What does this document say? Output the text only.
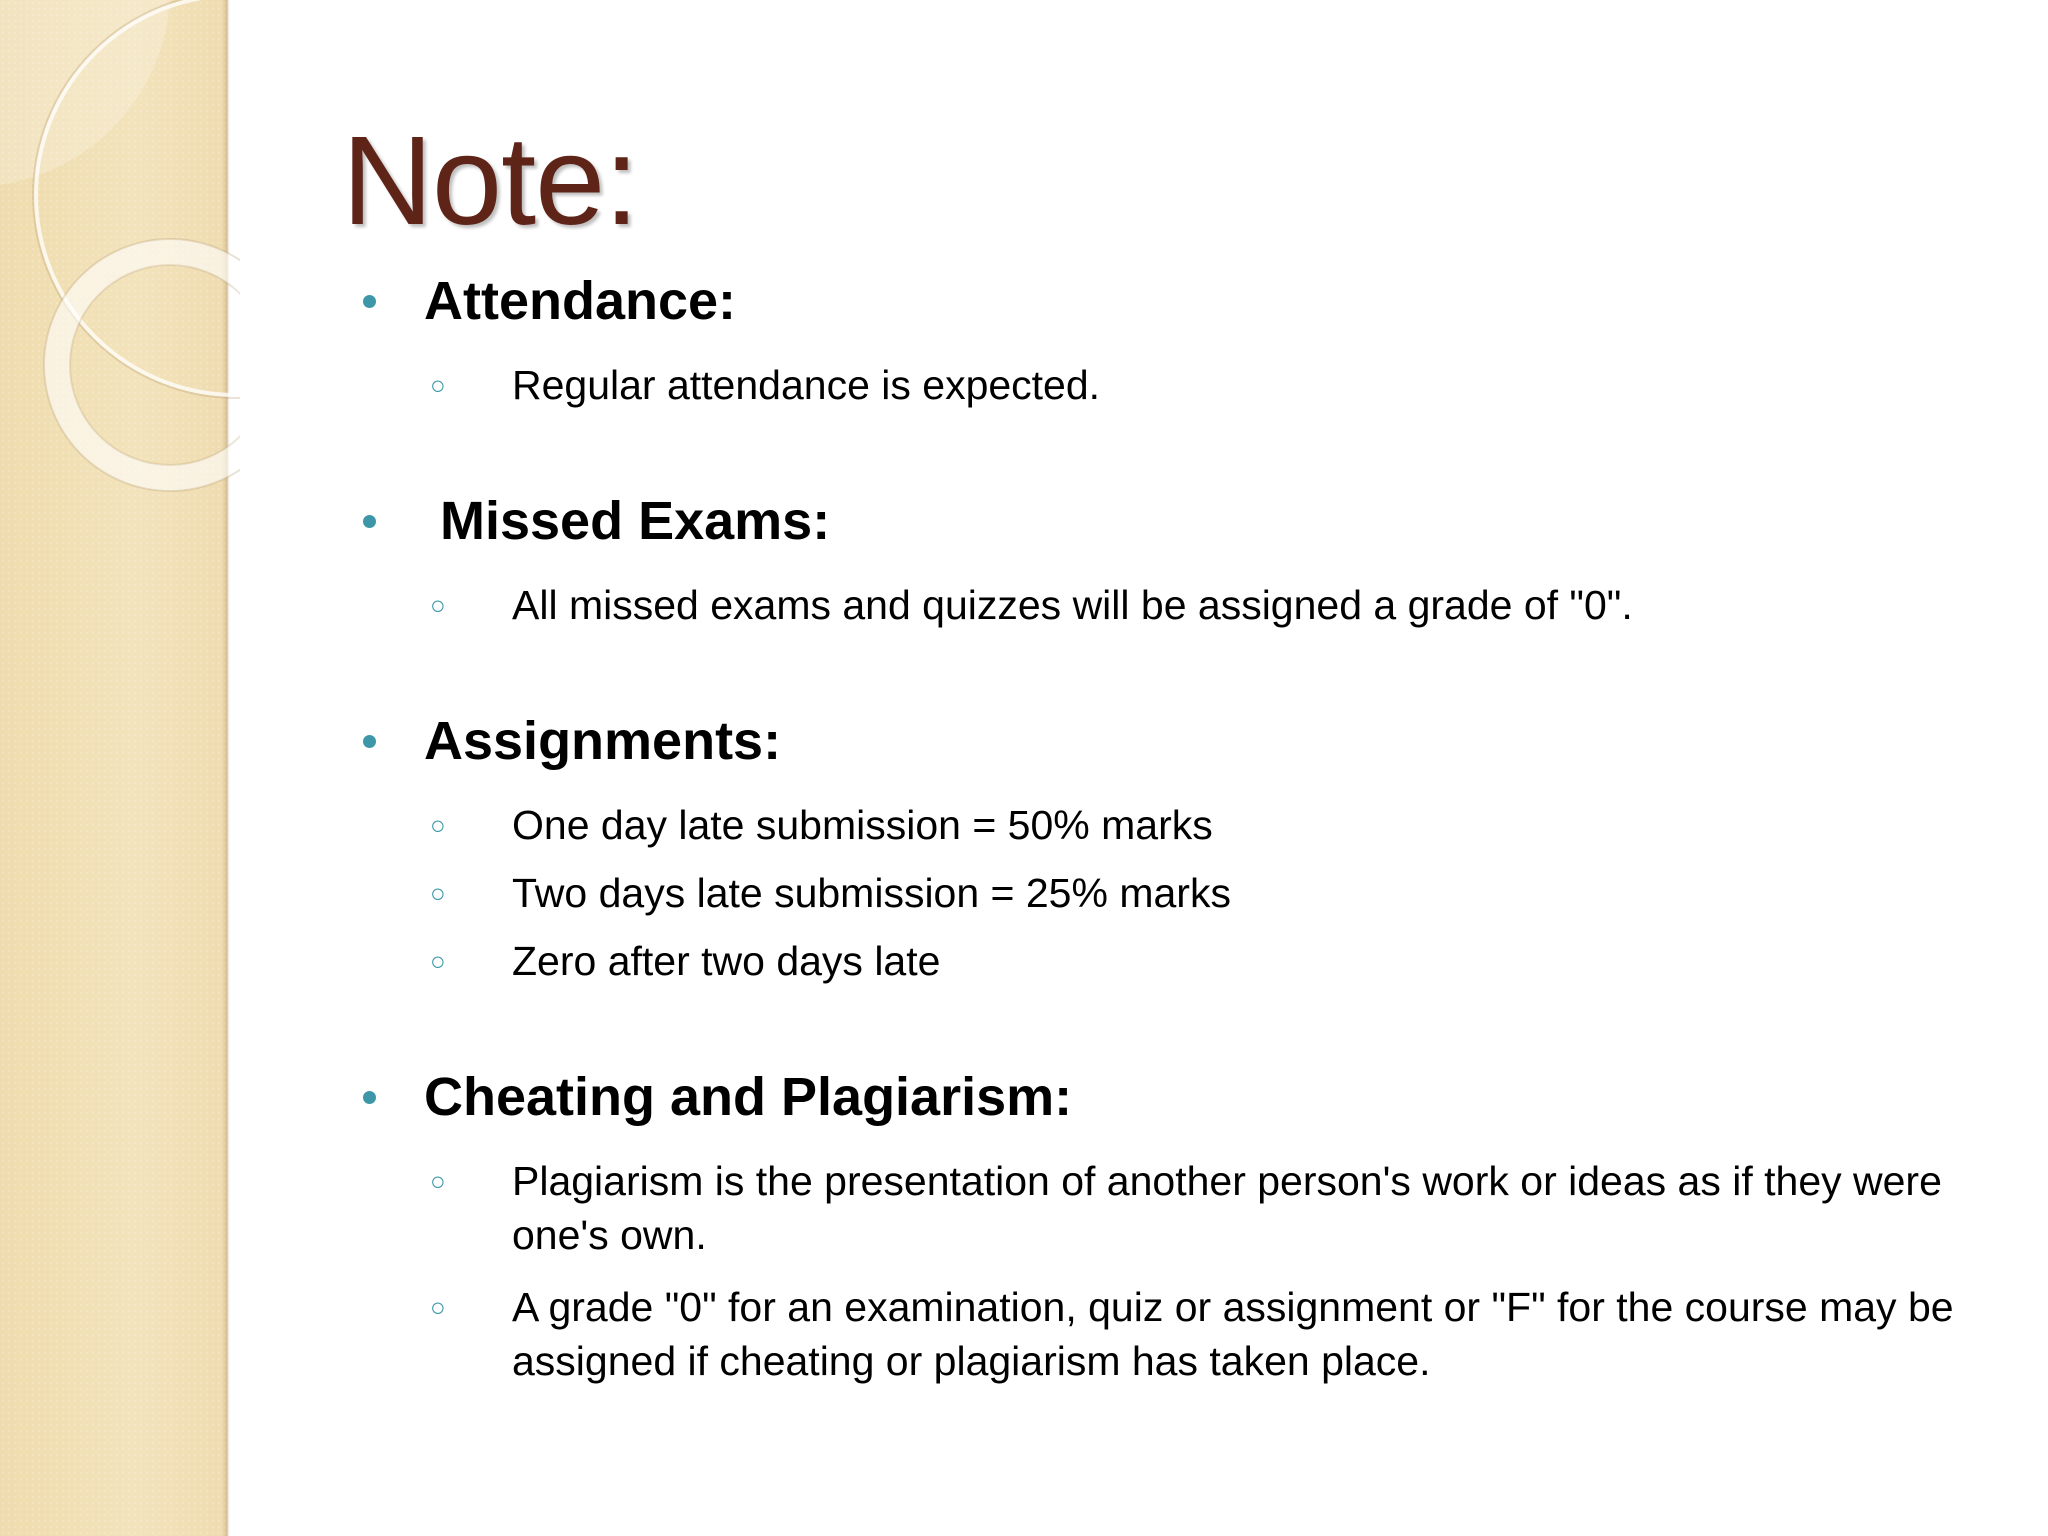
Note:
Attendance:
○	Regular attendance is expected.
Missed Exams:
○	All missed exams and quizzes will be assigned a grade of "0".
Assignments:
○	One day late submission = 50% marks
○	Two days late submission = 25% marks
○	Zero after two days late
Cheating and Plagiarism:
○	Plagiarism is the presentation of another person's work or ideas as if they were one's own.
○	A grade "0" for an examination, quiz or assignment or "F" for the course may be assigned if cheating or plagiarism has taken place.
